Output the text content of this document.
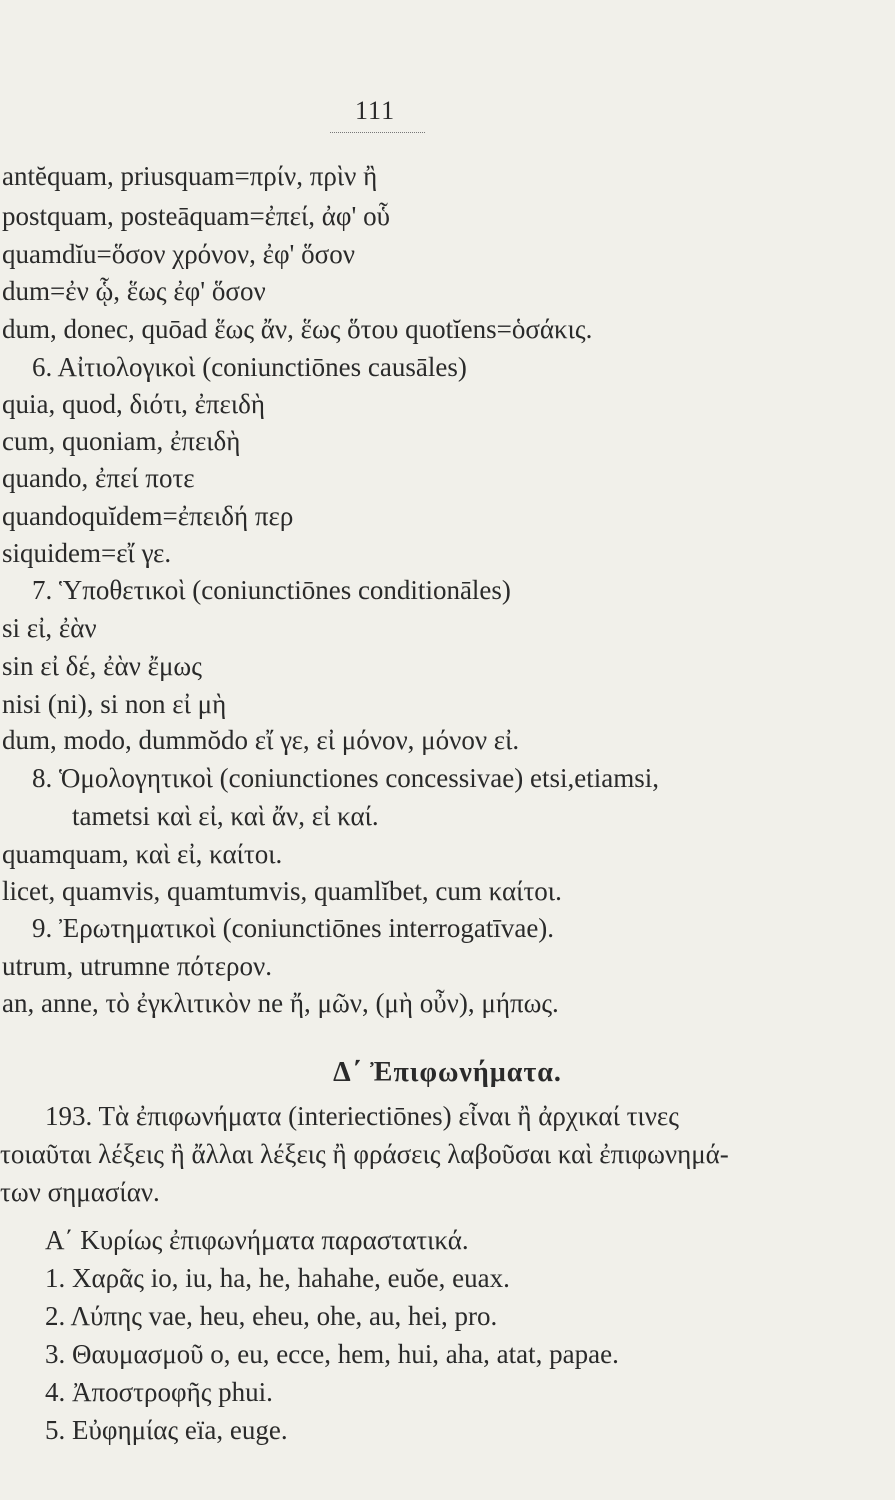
111
antĕquam, priusquam=πρίν, πρὶν ἢ
postquam, posteāquam=ἐπεί, ἀφ' οὗ
quamdĭu=ὅσον χρόνον, ἐφ' ὅσον
dum=ἐν ᾧ, ἕως ἐφ' ὅσον
dum, donec, quōad ἕως ἄν, ἕως ὅτου quotĭens=ὁσάκις.
6. Αἰτιολογικοὶ (coniunctiōnes causāles)
quia, quod, διότι, ἐπειδὴ
cum, quoniam, ἐπειδὴ
quando, ἐπεί ποτε
quandoquĭdem=ἐπειδή περ
siquidem=εἴ γε.
7. Ὑποθετικοὶ (coniunctiōnes conditionāles)
si εἰ, ἐὰν
sin εἰ δέ, ἐὰν ἔμως
nisi (ni), si non εἰ μὴ
dum, modo, dummŏdo εἴ γε, εἰ μόνον, μόνον εἰ.
8. Ὁμολογητικοὶ (coniunctiones concessivae) etsi,etiamsi,
tametsi καὶ εἰ, καὶ ἄν, εἰ καί.
quamquam, καὶ εἰ, καίτοι.
licet, quamvis, quamtumvis, quamlĭbet, cum καίτοι.
9. Ἐρωτηματικοὶ (coniunctiōnes interrogatīvae).
utrum, utrumne πότερον.
an, anne, τὸ ἐγκλιτικὸν ne ἤ, μῶν, (μὴ οὖν), μήπως.
Δ΄ Ἐπιφωνήματα.
193. Τὰ ἐπιφωνήματα (interiectiōnes) εἶναι ἢ ἀρχικαί τινες
τοιαῦται λέξεις ἢ ἄλλαι λέξεις ἢ φράσεις λαβοῦσαι καὶ ἐπιφωνημά-
των σημασίαν.
Α΄ Κυρίως ἐπιφωνήματα παραστατικά.
1. Χαρᾶς io, iu, ha, he, hahahe, euŏe, euax.
2. Λύπης vae, heu, eheu, ohe, au, hei, pro.
3. Θαυμασμοῦ o, eu, ecce, hem, hui, aha, atat, papae.
4. Ἀποστροφῆς phui.
5. Εὐφημίας eïa, euge.
